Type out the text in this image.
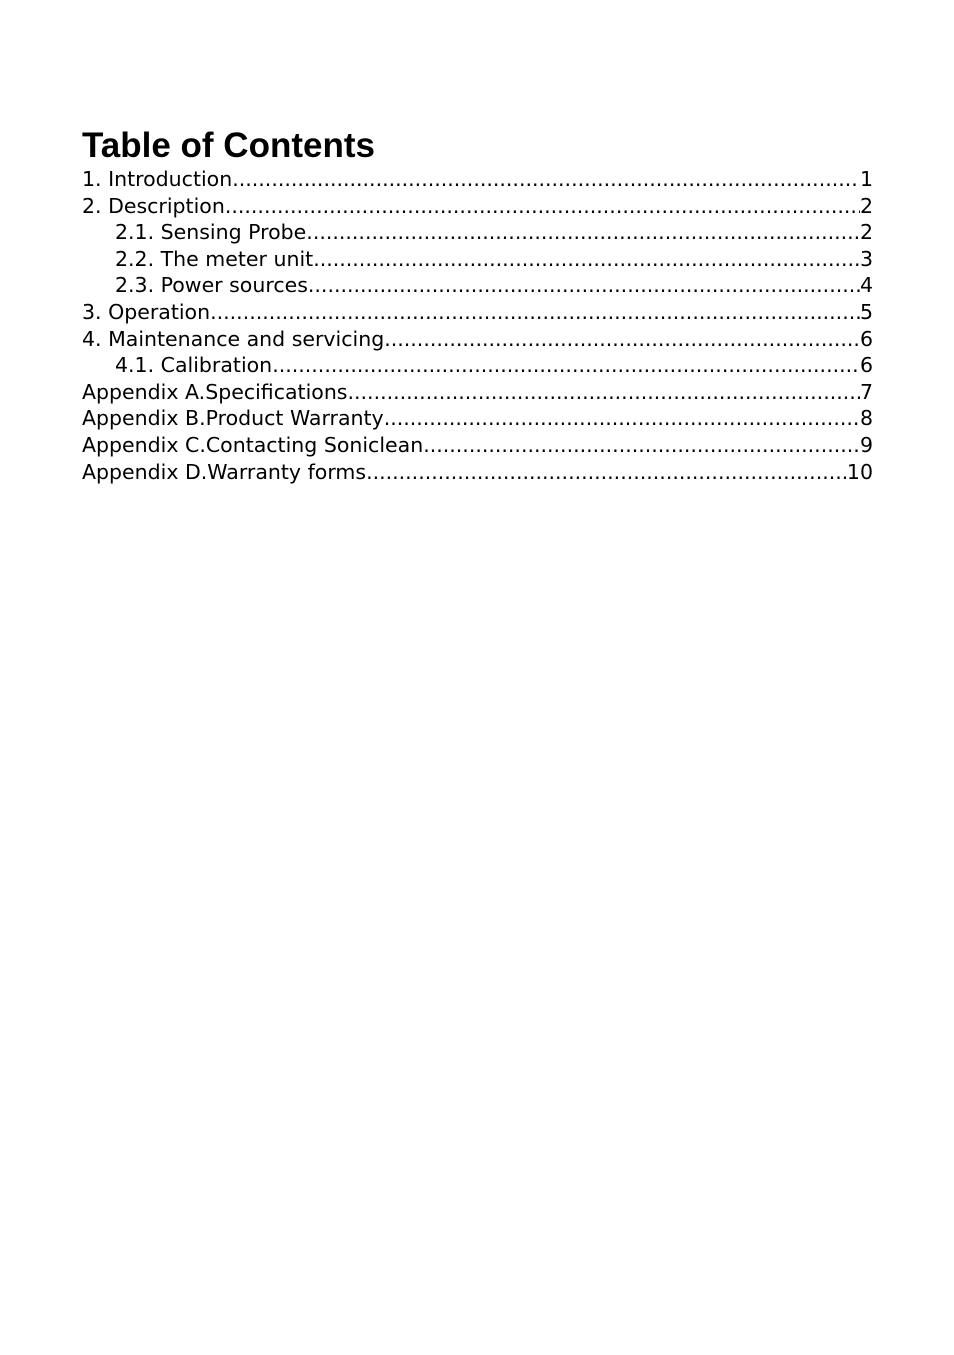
Table of Contents
1. Introduction .....	1
2. Description .....	2
2.1. Sensing Probe .....	2
2.2. The meter unit .....	3
2.3. Power sources .....	4
3. Operation .....	5
4. Maintenance and servicing .....	6
4.1. Calibration .....	6
Appendix A.Specifications .....	7
Appendix B.Product Warranty .....	8
Appendix C.Contacting Soniclean .....	9
Appendix D.Warranty forms .....	10
